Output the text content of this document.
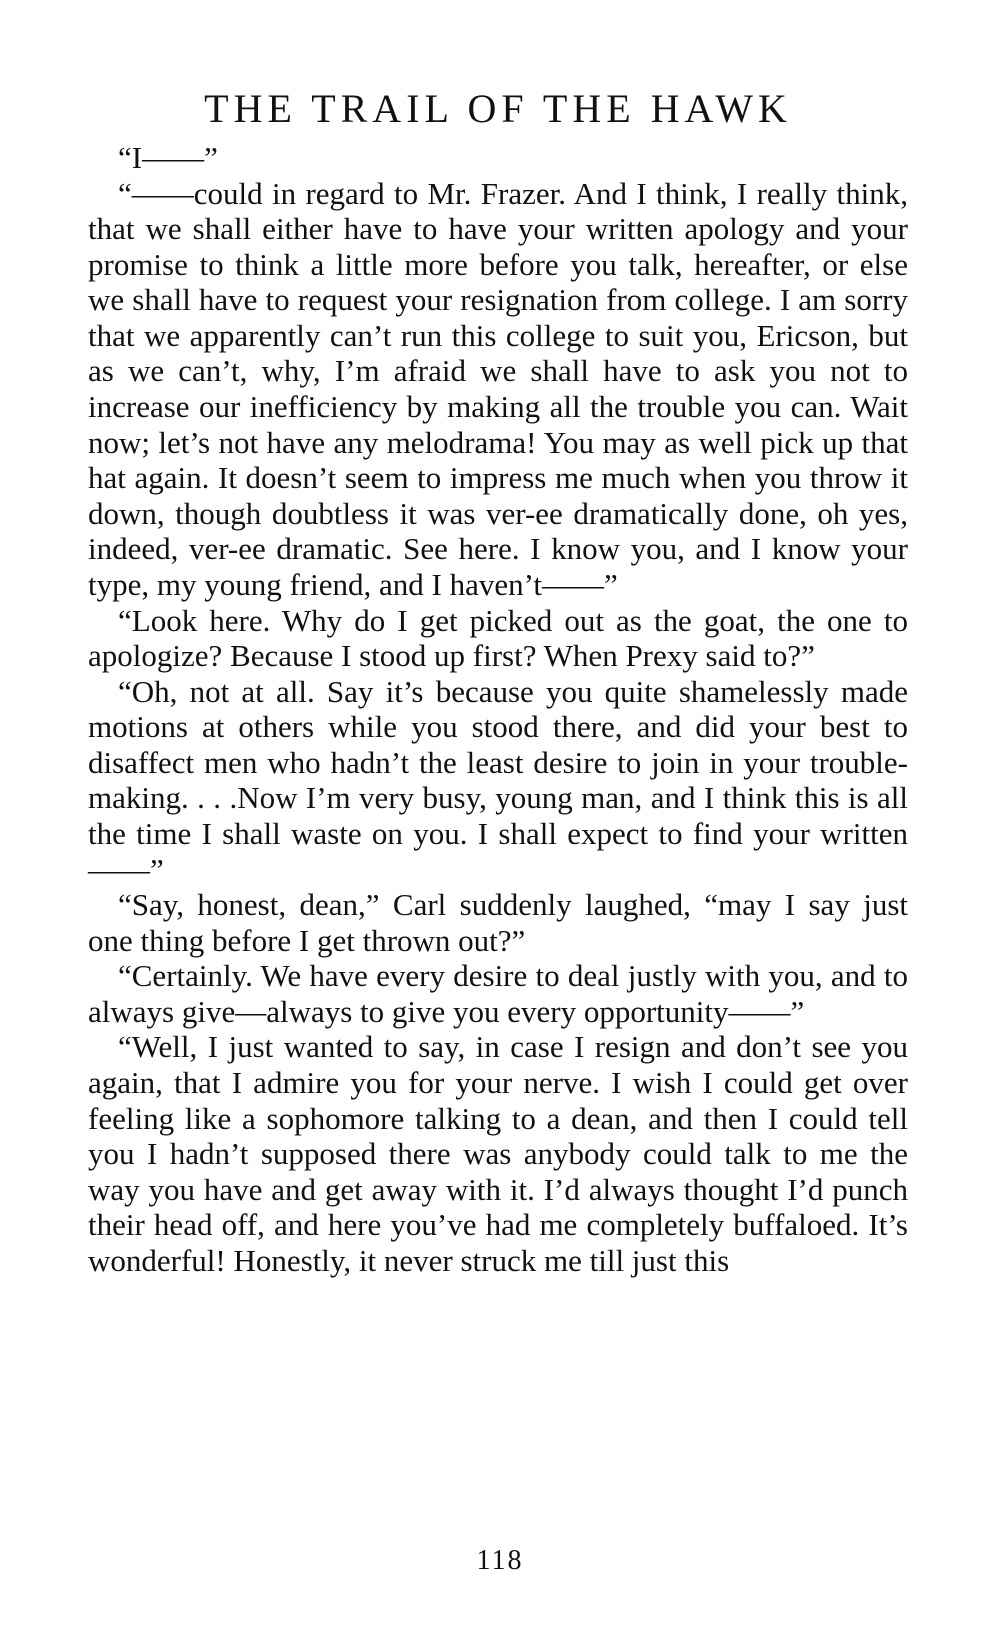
THE TRAIL OF THE HAWK

“I——”

“——could in regard to Mr. Frazer. And I think, I really think, that we shall either have to have your written apology and your promise to think a little more before you talk, hereafter, or else we shall have to request your resignation from college. I am sorry that we apparently can’t run this college to suit you, Ericson, but as we can’t, why, I’m afraid we shall have to ask you not to increase our inefficiency by making all the trouble you can. Wait now; let’s not have any melodrama! You may as well pick up that hat again. It doesn’t seem to impress me much when you throw it down, though doubtless it was ver-ee dramatically done, oh yes, indeed, ver-ee dramatic. See here. I know you, and I know your type, my young friend, and I haven’t——”

“Look here. Why do I get picked out as the goat, the one to apologize? Because I stood up first? When Prexy said to?”

“Oh, not at all. Say it’s because you quite shamelessly made motions at others while you stood there, and did your best to disaffect men who hadn’t the least desire to join in your trouble-making. . . .Now I’m very busy, young man, and I think this is all the time I shall waste on you. I shall expect to find your written——”

“Say, honest, dean,” Carl suddenly laughed, “may I say just one thing before I get thrown out?”

“Certainly. We have every desire to deal justly with you, and to always give—always to give you every opportunity——”

“Well, I just wanted to say, in case I resign and don’t see you again, that I admire you for your nerve. I wish I could get over feeling like a sophomore talking to a dean, and then I could tell you I hadn’t supposed there was anybody could talk to me the way you have and get away with it. I’d always thought I’d punch their head off, and here you’ve had me completely buffaloed. It’s wonderful! Honestly, it never struck me till just this

118
